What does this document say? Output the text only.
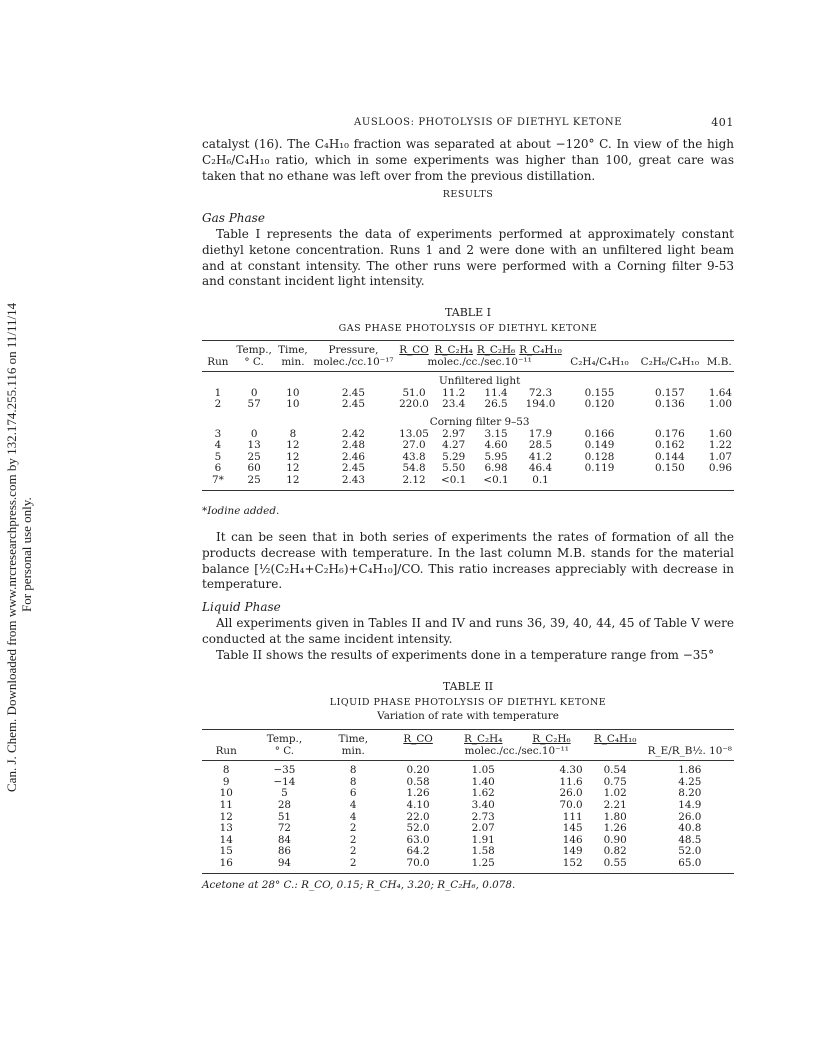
Can. J. Chem. Downloaded from www.nrcresearchpress.com by 132.174.255.116 on 11/11/14 For personal use only.
AUSLOOS: PHOTOLYSIS OF DIETHYL KETONE	401
catalyst (16). The C₄H₁₀ fraction was separated at about −120° C. In view of the high C₂H₆/C₄H₁₀ ratio, which in some experiments was higher than 100, great care was taken that no ethane was left over from the previous distillation.
RESULTS
Gas Phase
Table I represents the data of experiments performed at approximately constant diethyl ketone concentration. Runs 1 and 2 were done with an unfiltered light beam and at constant intensity. The other runs were performed with a Corning filter 9-53 and constant incident light intensity.
TABLE I
GAS PHASE PHOTOLYSIS OF DIETHYL KETONE
	Temp.,	Time,	Pressure,	R_CO	R_C₂H₄	R_C₂H₆	R_C₄H₁₀			
Run	° C.	min.	molec./cc.10⁻¹⁷	molec./cc./sec.10⁻¹¹				C₂H₄/C₄H₁₀	C₂H₆/C₄H₁₀	M.B.

				Unfiltered light						
1	0	10	2.45	51.0	11.2	11.4	72.3	0.155	0.157	1.64
2	57	10	2.45	220.0	23.4	26.5	194.0	0.120	0.136	1.00

				Corning filter 9–53						
3	0	8	2.42	13.05	2.97	3.15	17.9	0.166	0.176	1.60
4	13	12	2.48	27.0	4.27	4.60	28.5	0.149	0.162	1.22
5	25	12	2.46	43.8	5.29	5.95	41.2	0.128	0.144	1.07
6	60	12	2.45	54.8	5.50	6.98	46.4	0.119	0.150	0.96
7*	25	12	2.43	2.12	<0.1	<0.1	0.1			

*Iodine added.
It can be seen that in both series of experiments the rates of formation of all the products decrease with temperature. In the last column M.B. stands for the material balance [½(C₂H₄+C₂H₆)+C₄H₁₀]/CO. This ratio increases appreciably with decrease in temperature.
Liquid Phase
All experiments given in Tables II and IV and runs 36, 39, 40, 44, 45 of Table V were conducted at the same incident intensity.
Table II shows the results of experiments done in a temperature range from −35°
TABLE II
LIQUID PHASE PHOTOLYSIS OF DIETHYL KETONE
Variation of rate with temperature
	Temp.,	Time,	R_CO	R_C₂H₄	R_C₂H₆	R_C₄H₁₀	
Run	° C.	min.	molec./cc./sec.10⁻¹¹				R_E/R_B½. 10⁻⁸

8	−35	8	0.20	1.05	4.30	0.54	1.86
9	−14	8	0.58	1.40	11.6	0.75	4.25
10	5	6	1.26	1.62	26.0	1.02	8.20
11	28	4	4.10	3.40	70.0	2.21	14.9
12	51	4	22.0	2.73	111	1.80	26.0
13	72	2	52.0	2.07	145	1.26	40.8
14	84	2	63.0	1.91	146	0.90	48.5
15	86	2	64.2	1.58	149	0.82	52.0
16	94	2	70.0	1.25	152	0.55	65.0

Acetone at 28° C.: R_CO, 0.15; R_CH₄, 3.20; R_C₂H₆, 0.078.
